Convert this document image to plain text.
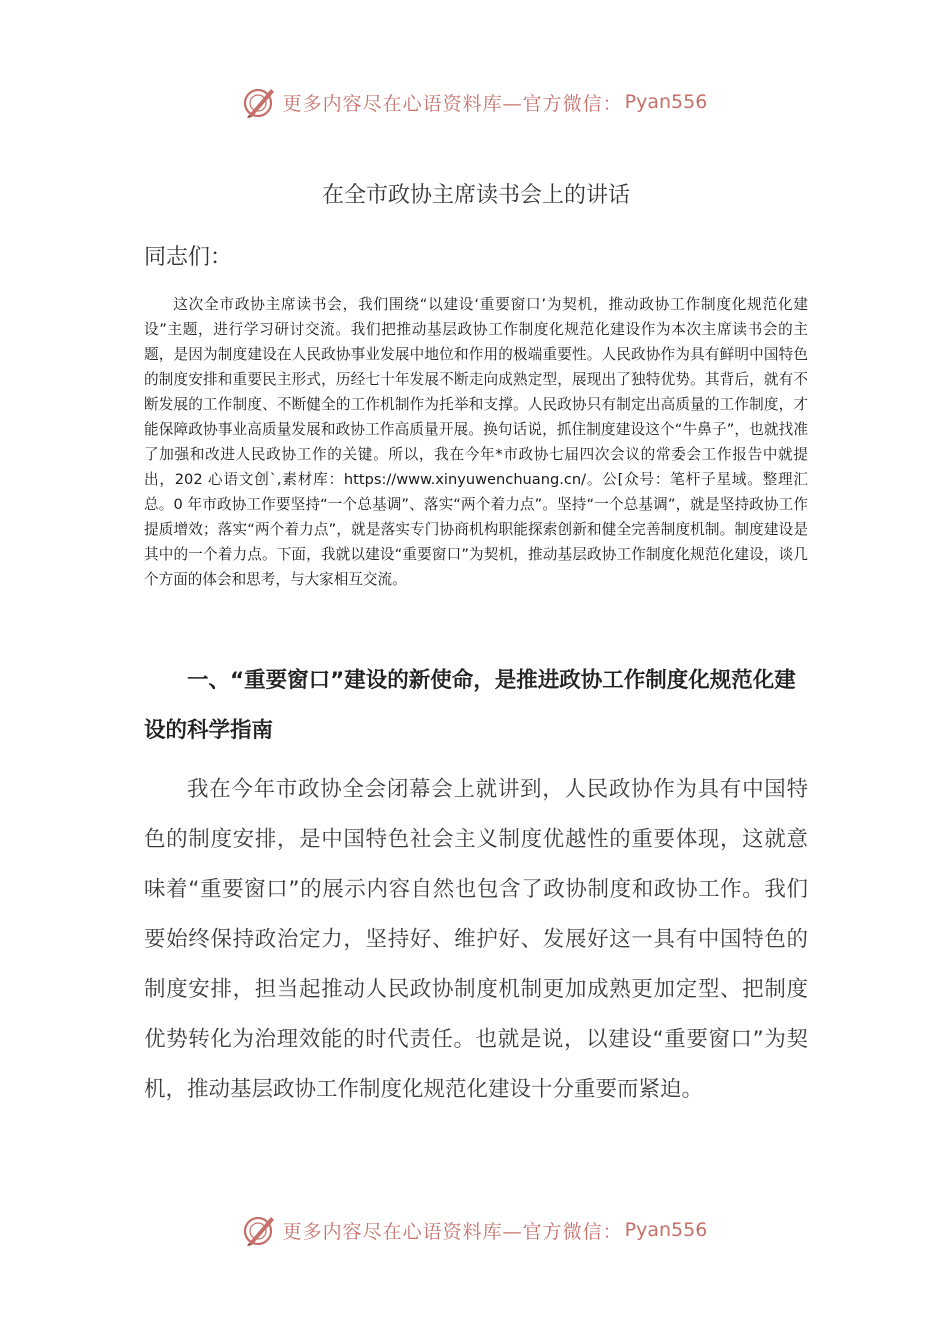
更多内容尽在心语资料库—官方微信： Pyan556
在全市政协主席读书会上的讲话
同志们：

这次全市政协主席读书会，我们围绕“以建设‘重要窗口’为契机，推动政协工作制度化规范化建设”主题，进行学习研讨交流。我们把推动基层政协工作制度化规范化建设作为本次主席读书会的主题，是因为制度建设在人民政协事业发展中地位和作用的极端重要性。人民政协作为具有鲜明中国特色的制度安排和重要民主形式，历经七十年发展不断走向成熟定型，展现出了独特优势。其背后，就有不断发展的工作制度、不断健全的工作机制作为托举和支撑。人民政协只有制定出高质量的工作制度，才能保障政协事业高质量发展和政协工作高质量开展。换句话说，抓住制度建设这个“牛鼻子”，也就找准了加强和改进人民政协工作的关键。所以，我在今年*市政协七届四次会议的常委会工作报告中就提出，202 心语文创`,素材库：https://www.xinyuwenchuang.cn/。公[众号：笔杆子星域。整理汇总。0 年市政协工作要坚持“一个总基调”、落实“两个着力点”。坚持“一个总基调”，就是坚持政协工作提质增效；落实“两个着力点”，就是落实专门协商机构职能探索创新和健全完善制度机制。制度建设是其中的一个着力点。下面，我就以建设“重要窗口”为契机，推动基层政协工作制度化规范化建设，谈几个方面的体会和思考，与大家相互交流。

一、“重要窗口”建设的新使命，是推进政协工作制度化规范化建设的科学指南

我在今年市政协全会闭幕会上就讲到，人民政协作为具有中国特色的制度安排，是中国特色社会主义制度优越性的重要体现，这就意味着“重要窗口”的展示内容自然也包含了政协制度和政协工作。我们要始终保持政治定力，坚持好、维护好、发展好这一具有中国特色的制度安排，担当起推动人民政协制度机制更加成熟更加定型、把制度优势转化为治理效能的时代责任。也就是说，以建设“重要窗口”为契机，推动基层政协工作制度化规范化建设十分重要而紧迫。

更多内容尽在心语资料库—官方微信： Pyan556
